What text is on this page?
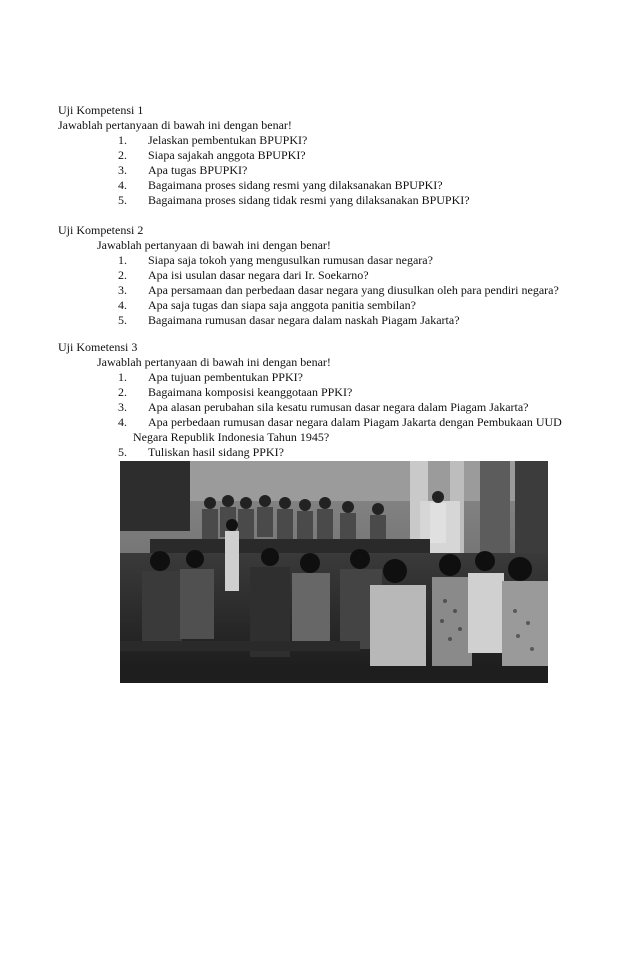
Uji Kompetensi 1
Jawablah pertanyaan di bawah ini dengan benar!
1. Jelaskan pembentukan BPUPKI?
2. Siapa sajakah anggota BPUPKI?
3. Apa tugas BPUPKI?
4. Bagaimana proses sidang resmi yang dilaksanakan BPUPKI?
5. Bagaimana proses sidang tidak resmi yang dilaksanakan BPUPKI?
Uji Kompetensi 2
Jawablah pertanyaan di bawah ini dengan benar!
1. Siapa saja tokoh yang mengusulkan rumusan dasar negara?
2. Apa isi usulan dasar negara dari Ir. Soekarno?
3. Apa persamaan dan perbedaan dasar negara yang diusulkan oleh para pendiri negara?
4. Apa saja tugas dan siapa saja anggota panitia sembilan?
5. Bagaimana rumusan dasar negara dalam naskah Piagam Jakarta?
Uji Kometensi 3
Jawablah pertanyaan di bawah ini dengan benar!
1. Apa tujuan pembentukan PPKI?
2. Bagaimana komposisi keanggotaan PPKI?
3. Apa alasan perubahan sila kesatu rumusan dasar negara dalam Piagam Jakarta?
4. Apa perbedaan rumusan dasar negara dalam Piagam Jakarta dengan Pembukaan UUD
Negara Republik Indonesia Tahun 1945?
5. Tuliskan hasil sidang PPKI?
